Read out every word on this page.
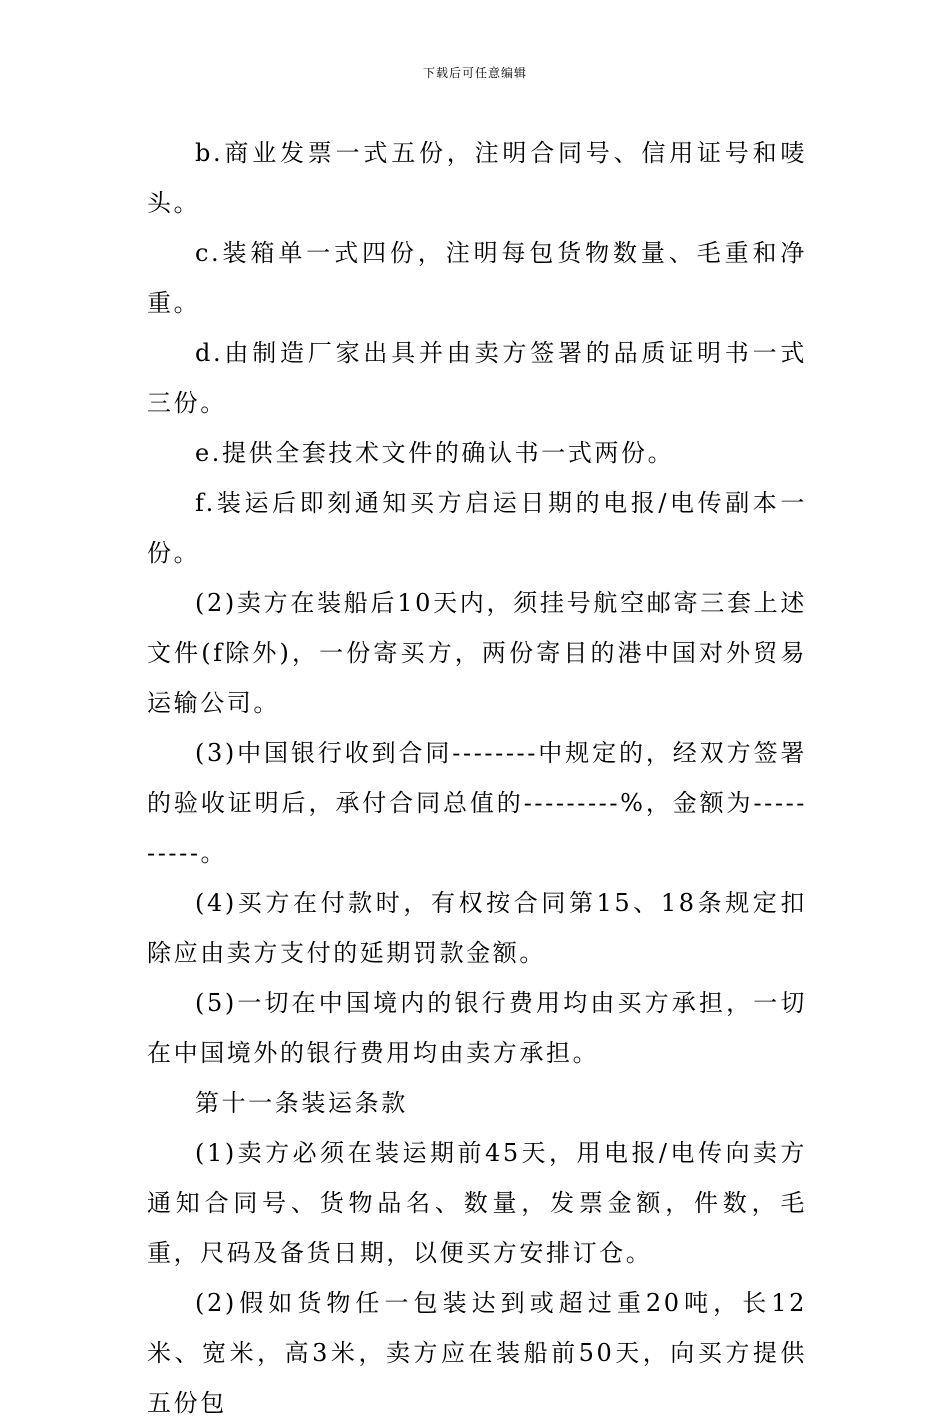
下载后可任意编辑

b.商业发票一式五份，注明合同号、信用证号和唛头。

c.装箱单一式四份，注明每包货物数量、毛重和净重。

d.由制造厂家出具并由卖方签署的品质证明书一式三份。

e.提供全套技术文件的确认书一式两份。

f.装运后即刻通知买方启运日期的电报/电传副本一份。

(2)卖方在装船后10天内，须挂号航空邮寄三套上述文件(f除外)，一份寄买方，两份寄目的港中国对外贸易运输公司。

(3)中国银行收到合同--------中规定的，经双方签署的验收证明后，承付合同总值的---------%，金额为----------。

(4)买方在付款时，有权按合同第15、18条规定扣除应由卖方支付的延期罚款金额。

(5)一切在中国境内的银行费用均由买方承担，一切在中国境外的银行费用均由卖方承担。

第十一条装运条款

(1)卖方必须在装运期前45天，用电报/电传向卖方通知合同号、货物品名、数量，发票金额，件数，毛重，尺码及备货日期，以便买方安排订仓。

(2)假如货物任一包装达到或超过重20吨，长12米、宽米，高3米，卖方应在装船前50天，向买方提供五份包
